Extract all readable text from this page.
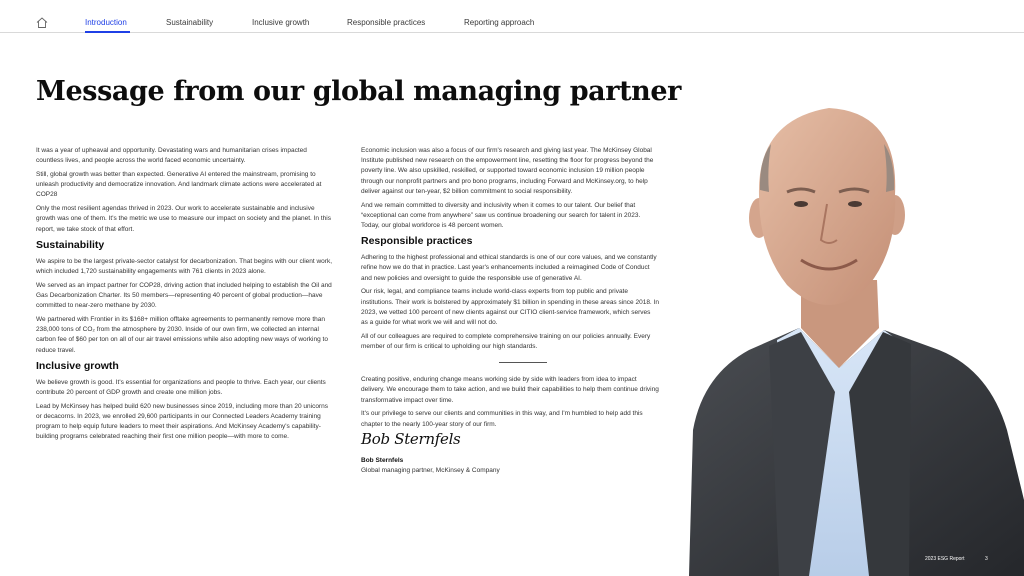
Introduction	Sustainability	Inclusive growth	Responsible practices	Reporting approach
Message from our global managing partner

It was a year of upheaval and opportunity. Devastating wars and humanitarian crises impacted countless lives, and people across the world faced economic uncertainty.

Still, global growth was better than expected. Generative AI entered the mainstream, promising to unleash productivity and democratize innovation. And landmark climate actions were accelerated at COP28

Only the most resilient agendas thrived in 2023. Our work to accelerate sustainable and inclusive growth was one of them. It's the metric we use to measure our impact on society and the planet. In this report, we take stock of that effort.

Sustainability

We aspire to be the largest private-sector catalyst for decarbonization. That begins with our client work, which included 1,720 sustainability engagements with 761 clients in 2023 alone.

We served as an impact partner for COP28, driving action that included helping to establish the Oil and Gas Decarbonization Charter. Its 50 members—representing 40 percent of global production—have committed to near-zero methane by 2030.

We partnered with Frontier in its $168+ million offtake agreements to permanently remove more than 238,000 tons of CO₂ from the atmosphere by 2030. Inside of our own firm, we collected an internal carbon fee of $60 per ton on all of our air travel emissions while also adopting new ways of working to reduce travel.

Inclusive growth

We believe growth is good. It's essential for organizations and people to thrive. Each year, our clients contribute 20 percent of GDP growth and create one million jobs.

Lead by McKinsey has helped build 620 new businesses since 2019, including more than 20 unicorns or decacorns. In 2023, we enrolled 29,600 participants in our Connected Leaders Academy training program to help equip future leaders to meet their aspirations. And McKinsey Academy's capability-building programs celebrated reaching their first one million people—with more to come.

Economic inclusion was also a focus of our firm's research and giving last year. The McKinsey Global Institute published new research on the empowerment line, resetting the floor for progress beyond the poverty line. We also upskilled, reskilled, or supported toward economic inclusion 19 million people through our nonprofit partners and pro bono programs, including Forward and McKinsey.org, to help deliver against our ten-year, $2 billion commitment to social responsibility.

And we remain committed to diversity and inclusivity when it comes to our talent. Our belief that “exceptional can come from anywhere” saw us continue broadening our search for talent in 2023. Today, our global workforce is 48 percent women.

Responsible practices

Adhering to the highest professional and ethical standards is one of our core values, and we constantly refine how we do that in practice. Last year's enhancements included a reimagined Code of Conduct and new policies and oversight to guide the responsible use of generative AI.

Our risk, legal, and compliance teams include world-class experts from top public and private institutions. Their work is bolstered by approximately $1 billion in spending in these areas since 2018. In 2023, we vetted 100 percent of new clients against our CITIO client-service framework, which serves as a guide for what work we will and will not do.

All of our colleagues are required to complete comprehensive training on our policies annually. Every member of our firm is critical to upholding our high standards.

Creating positive, enduring change means working side by side with leaders from idea to impact delivery. We encourage them to take action, and we build their capabilities to help them continue driving transformative impact over time.

It's our privilege to serve our clients and communities in this way, and I'm humbled to help add this chapter to the nearly 100-year story of our firm.

Bob Sternfels
Bob Sternfels
Global managing partner, McKinsey & Company
2023 ESG Report	3
